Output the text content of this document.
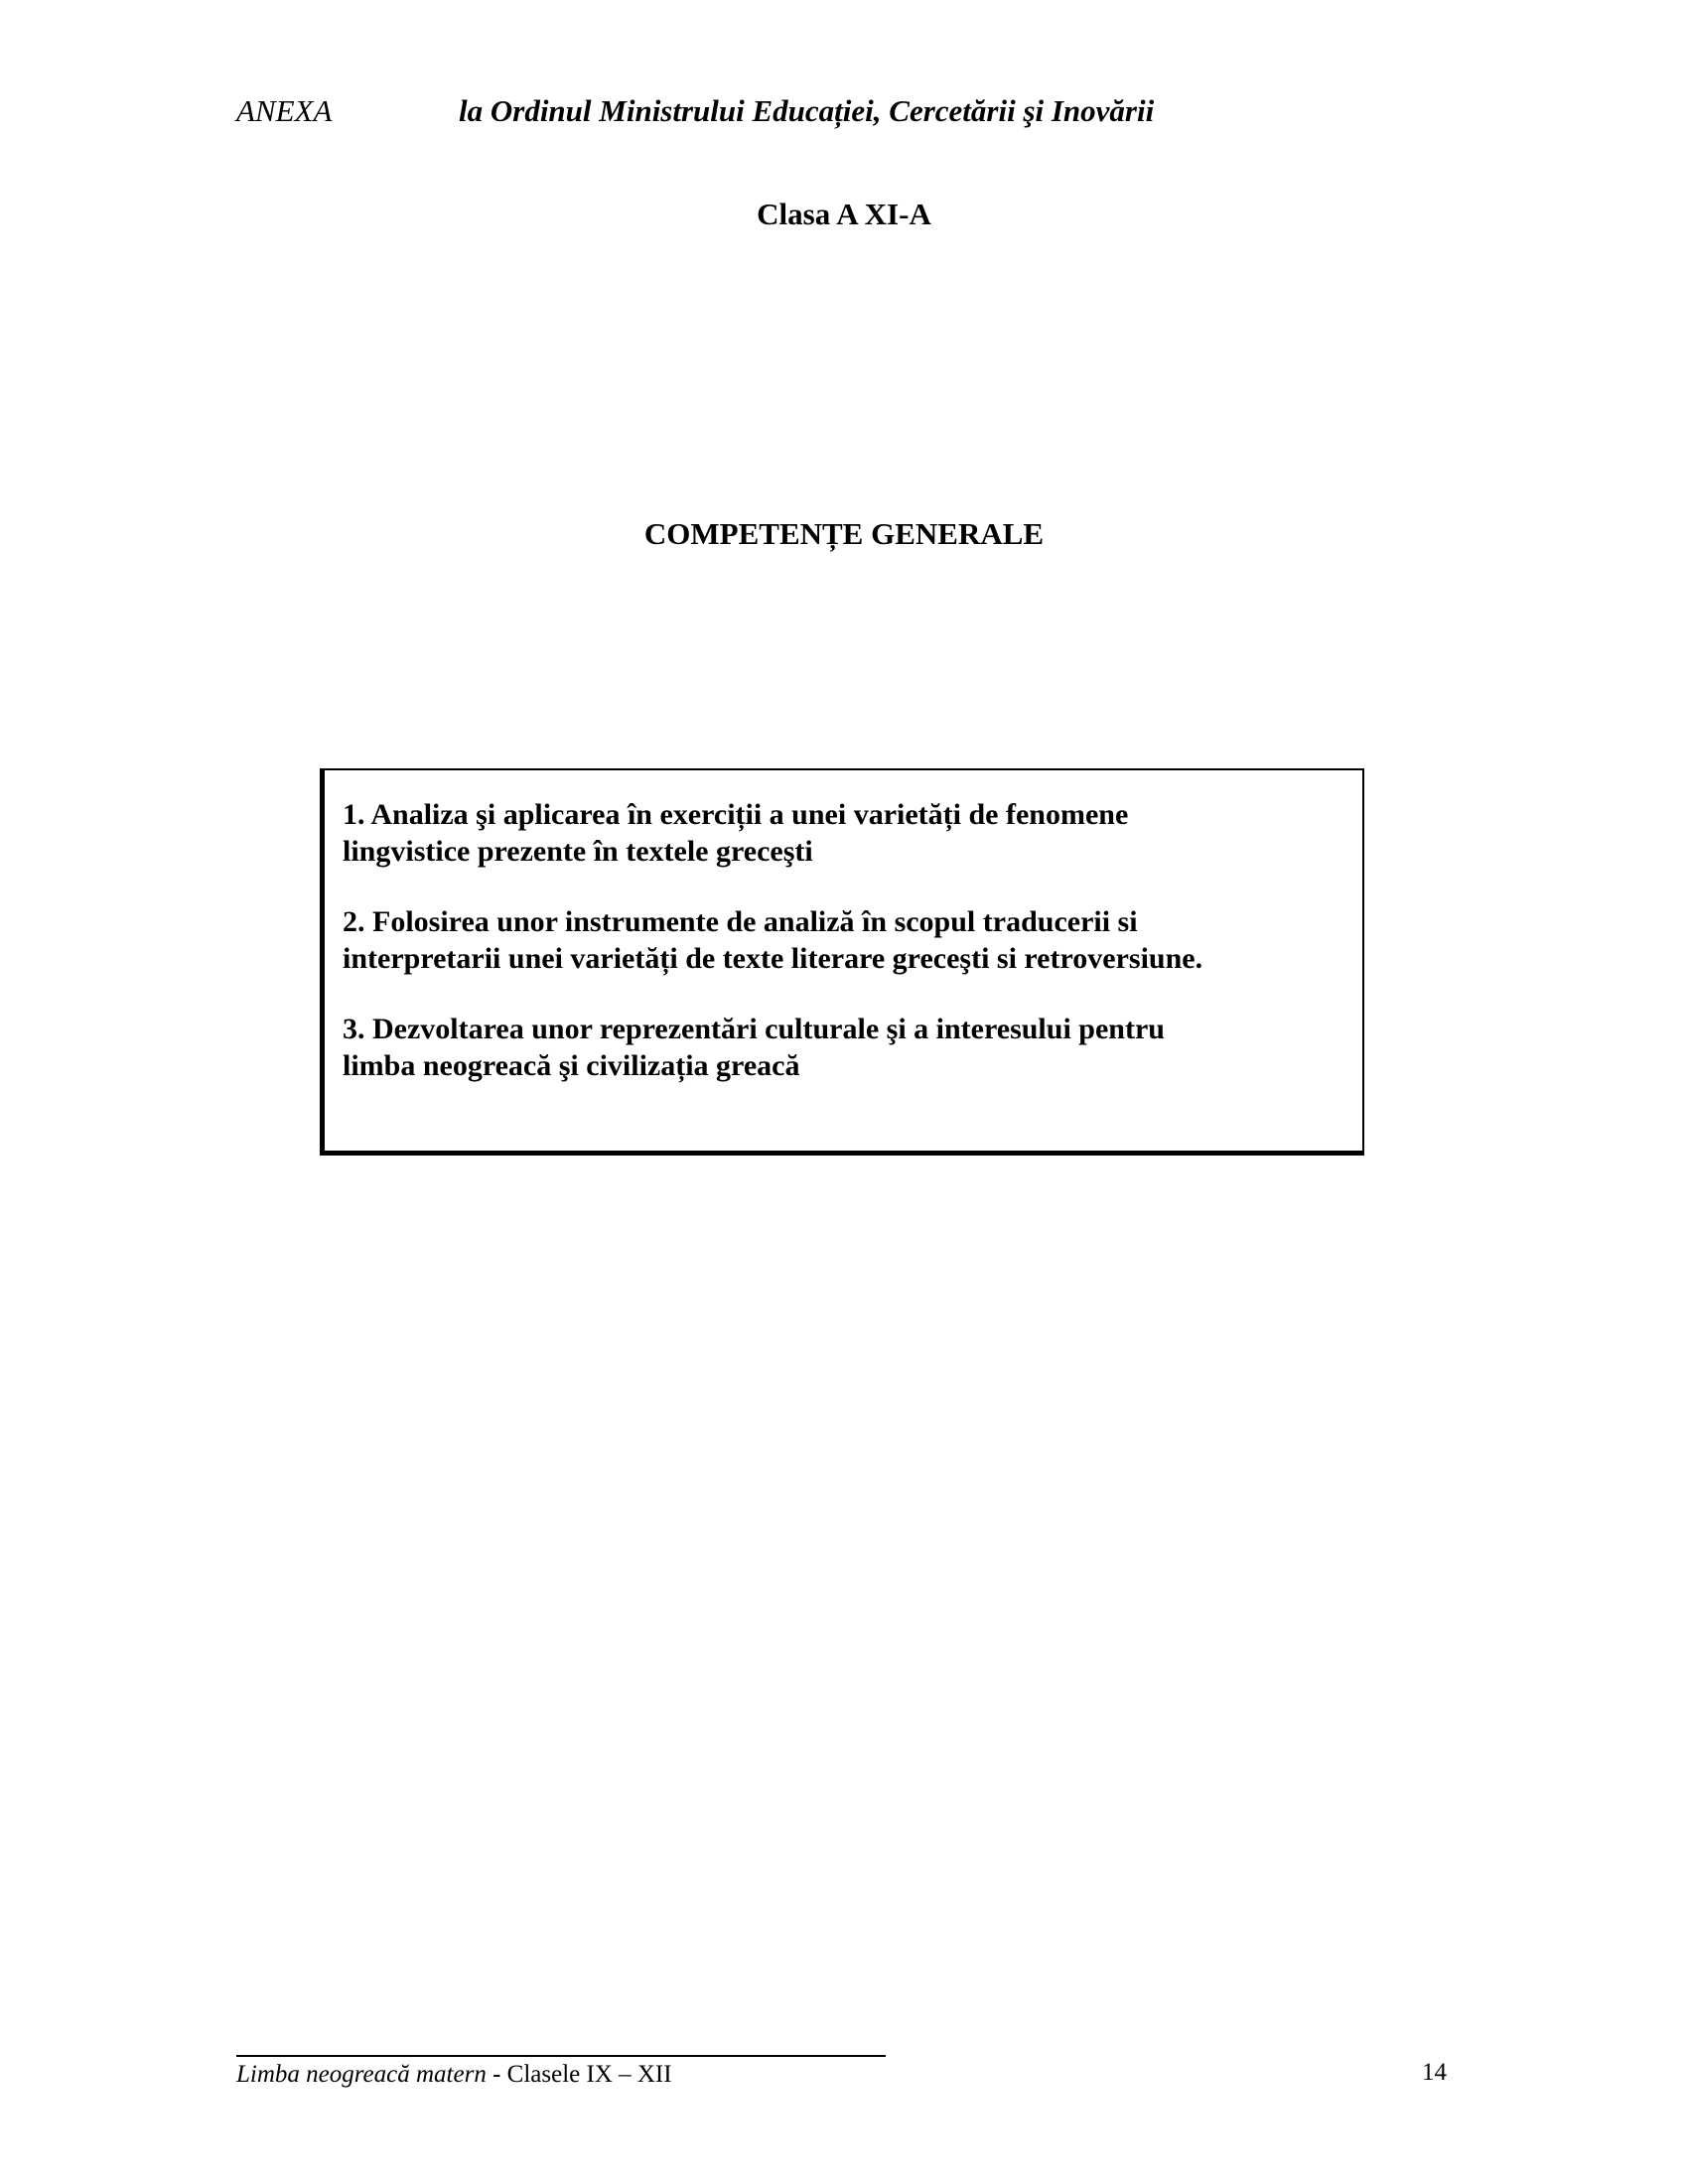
ANEXA	la Ordinul Ministrului Educației, Cercetării şi Inovării
Clasa A XI-A
COMPETENȚE GENERALE
1. Analiza şi aplicarea în exerciții a unei varietăți de fenomene
lingvistice prezente în textele greceşti
2. Folosirea unor instrumente de analiză în scopul traducerii si
interpretarii unei varietăți de texte literare greceşti si retroversiune.
3. Dezvoltarea unor reprezentări culturale şi a interesului pentru
limba neogreacă şi civilizația greacă
Limba neogreacă matern - Clasele IX – XII	14
